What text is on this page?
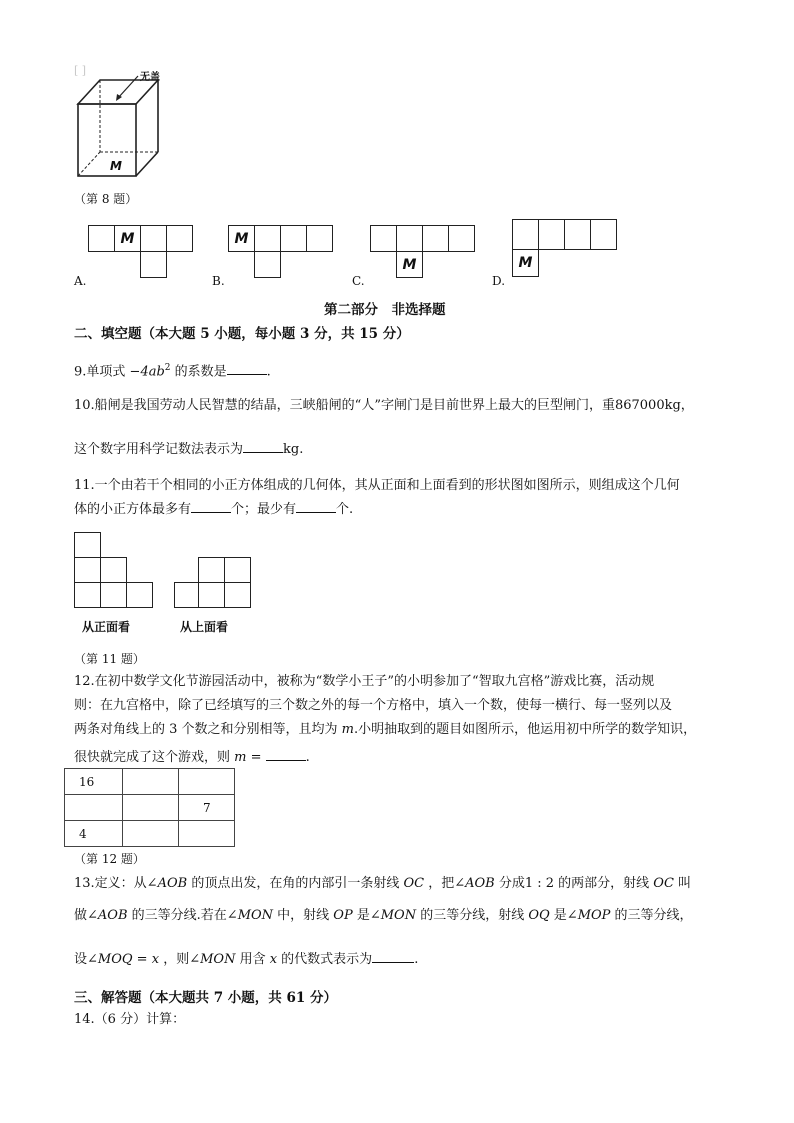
[ ]
无盖
M
（第 8 题）
M
A.
M
B.
M
C.
M
D.
第二部分　非选择题
二、填空题（本大题 5 小题，每小题 3 分，共 15 分）
9.单项式 $-4ab^2$ 的系数是	.
10.船闸是我国劳动人民智慧的结晶，三峡船闸的“人”字闸门是目前世界上最大的巨型闸门，重867000kg，
这个数字用科学记数法表示为	kg.
11.一个由若干个相同的小正方体组成的几何体，其从正面和上面看到的形状图如图所示，则组成这个几何
体的小正方体最多有	个；最少有	个.
从正面看	从上面看
（第 11 题）
12.在初中数学文化节游园活动中，被称为“数学小王子”的小明参加了“智取九宫格”游戏比赛，活动规
则：在九宫格中，除了已经填写的三个数之外的每一个方格中，填入一个数，使每一横行、每一竖列以及
两条对角线上的 3 个数之和分别相等，且均为 m.小明抽取到的题目如图所示，他运用初中所学的数学知识，
很快就完成了这个游戏，则 m =	.
16		
		7
4		
（第 12 题）
13.定义：从∠AOB 的顶点出发，在角的内部引一条射线 OC ，把∠AOB 分成1 : 2 的两部分，射线 OC 叫
做∠AOB 的三等分线.若在∠MON 中，射线 OP 是∠MON 的三等分线，射线 OQ 是∠MOP 的三等分线，
设∠MOQ = x ，则∠MON 用含 x 的代数式表示为	.
三、解答题（本大题共 7 小题，共 61 分）
14.（6 分）计算：
